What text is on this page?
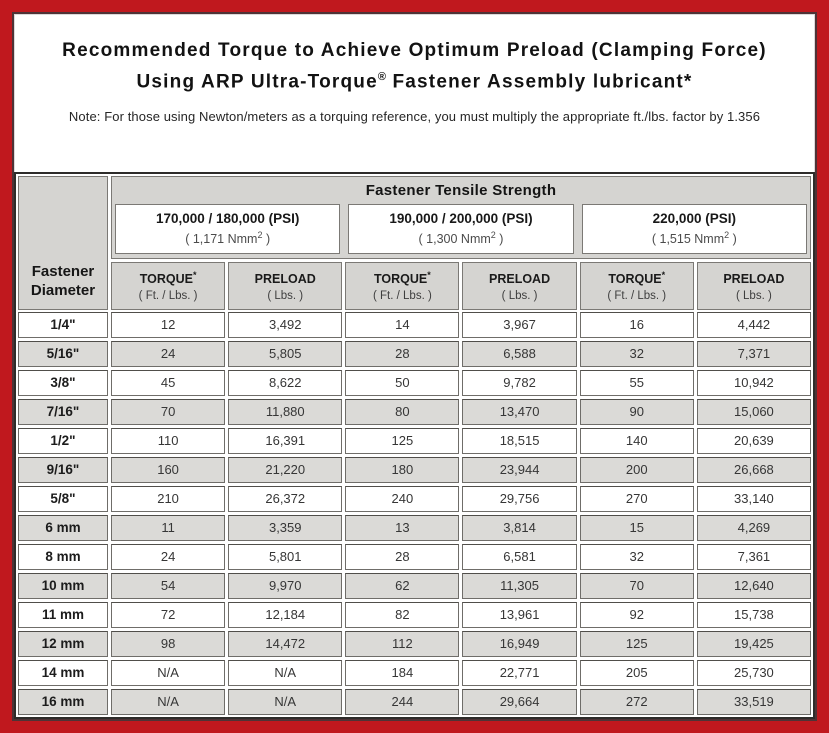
Recommended Torque to Achieve Optimum Preload (Clamping Force)
Using ARP Ultra-Torque® Fastener Assembly lubricant*
Note: For those using Newton/meters as a torquing reference, you must multiply the appropriate ft./lbs. factor by 1.356
Fastener
Diameter
Fastener Tensile Strength
170,000 / 180,000 (PSI)
( 1,171 Nmm$^2$ )
190,000 / 200,000 (PSI)
( 1,300 Nmm$^2$ )
220,000 (PSI)
( 1,515 Nmm$^2$ )
TORQUE*
( Ft. / Lbs. )
PRELOAD
( Lbs. )
TORQUE*
( Ft. / Lbs. )
PRELOAD
( Lbs. )
TORQUE*
( Ft. / Lbs. )
PRELOAD
( Lbs. )
1/4"	12	3,492	14	3,967	16	4,442
5/16"	24	5,805	28	6,588	32	7,371
3/8"	45	8,622	50	9,782	55	10,942
7/16"	70	11,880	80	13,470	90	15,060
1/2"	110	16,391	125	18,515	140	20,639
9/16"	160	21,220	180	23,944	200	26,668
5/8"	210	26,372	240	29,756	270	33,140
6 mm	11	3,359	13	3,814	15	4,269
8 mm	24	5,801	28	6,581	32	7,361
10 mm	54	9,970	62	11,305	70	12,640
11 mm	72	12,184	82	13,961	92	15,738
12 mm	98	14,472	112	16,949	125	19,425
14 mm	N/A	N/A	184	22,771	205	25,730
16 mm	N/A	N/A	244	29,664	272	33,519
